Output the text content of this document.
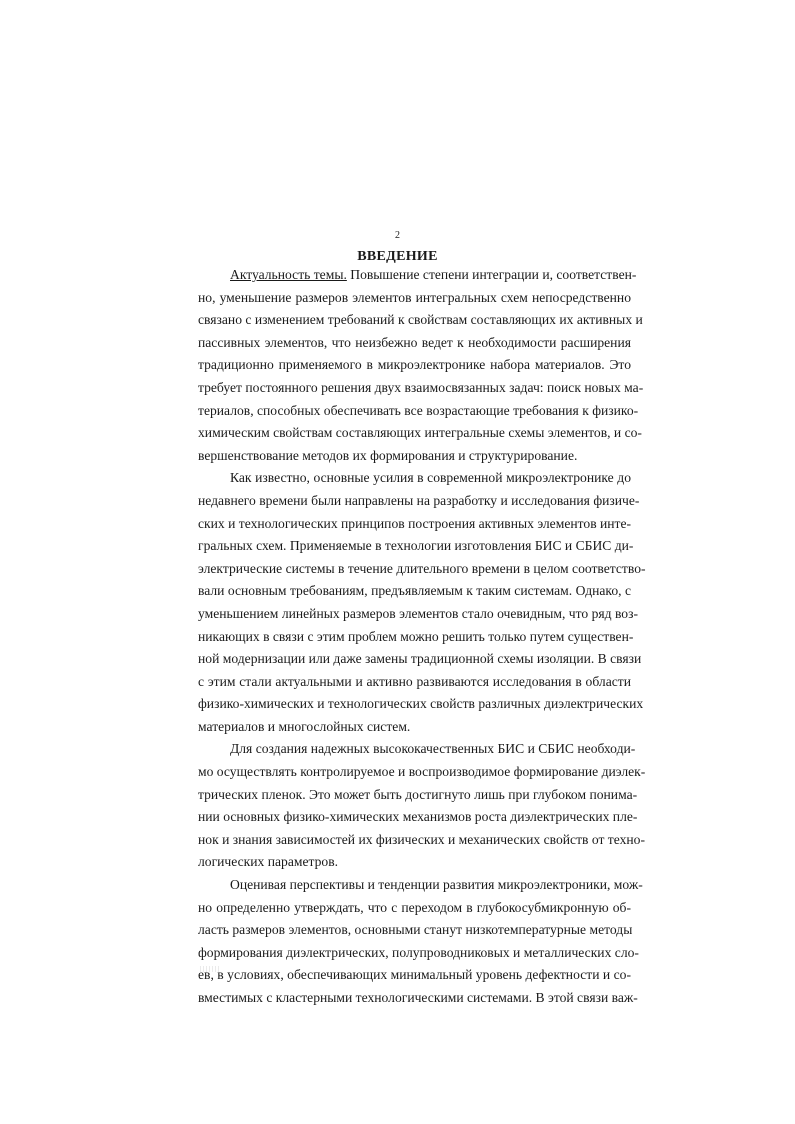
2
ВВЕДЕНИЕ

Актуальность темы. Повышение степени интеграции и, соответствен-
но, уменьшение размеров элементов интегральных схем непосредственно
связано с изменением требований к свойствам составляющих их активных и
пассивных элементов, что неизбежно ведет к необходимости расширения
традиционно применяемого в микроэлектронике набора материалов. Это
требует постоянного решения двух взаимосвязанных задач: поиск новых ма-
териалов, способных обеспечивать все возрастающие требования к физико-
химическим свойствам составляющих интегральные схемы элементов, и со-
вершенствование методов их формирования и структурирование.

Как известно, основные усилия в современной микроэлектронике до
недавнего времени были направлены на разработку и исследования физиче-
ских и технологических принципов построения активных элементов инте-
гральных схем. Применяемые в технологии изготовления БИС и СБИС ди-
электрические системы в течение длительного времени в целом соответство-
вали основным требованиям, предъявляемым к таким системам. Однако, с
уменьшением линейных размеров элементов стало очевидным, что ряд воз-
никающих в связи с этим проблем можно решить только путем существен-
ной модернизации или даже замены традиционной схемы изоляции. В связи
с этим стали актуальными и активно развиваются исследования в области
физико-химических и технологических свойств различных диэлектрических
материалов и многослойных систем.

Для создания надежных высококачественных БИС и СБИС необходи-
мо осуществлять контролируемое и воспроизводимое формирование диэлек-
трических пленок. Это может быть достигнуто лишь при глубоком понима-
нии основных физико-химических механизмов роста диэлектрических пле-
нок и знания зависимостей их физических и механических свойств от техно-
логических параметров.

Оценивая перспективы и тенденции развития микроэлектроники, мож-
но определенно утверждать, что с переходом в глубокосубмикронную об-
ласть размеров элементов, основными станут низкотемпературные методы
формирования диэлектрических, полупроводниковых и металлических сло-
ев, в условиях, обеспечивающих минимальный уровень дефектности и со-
вместимых с кластерными технологическими системами. В этой связи важ-
